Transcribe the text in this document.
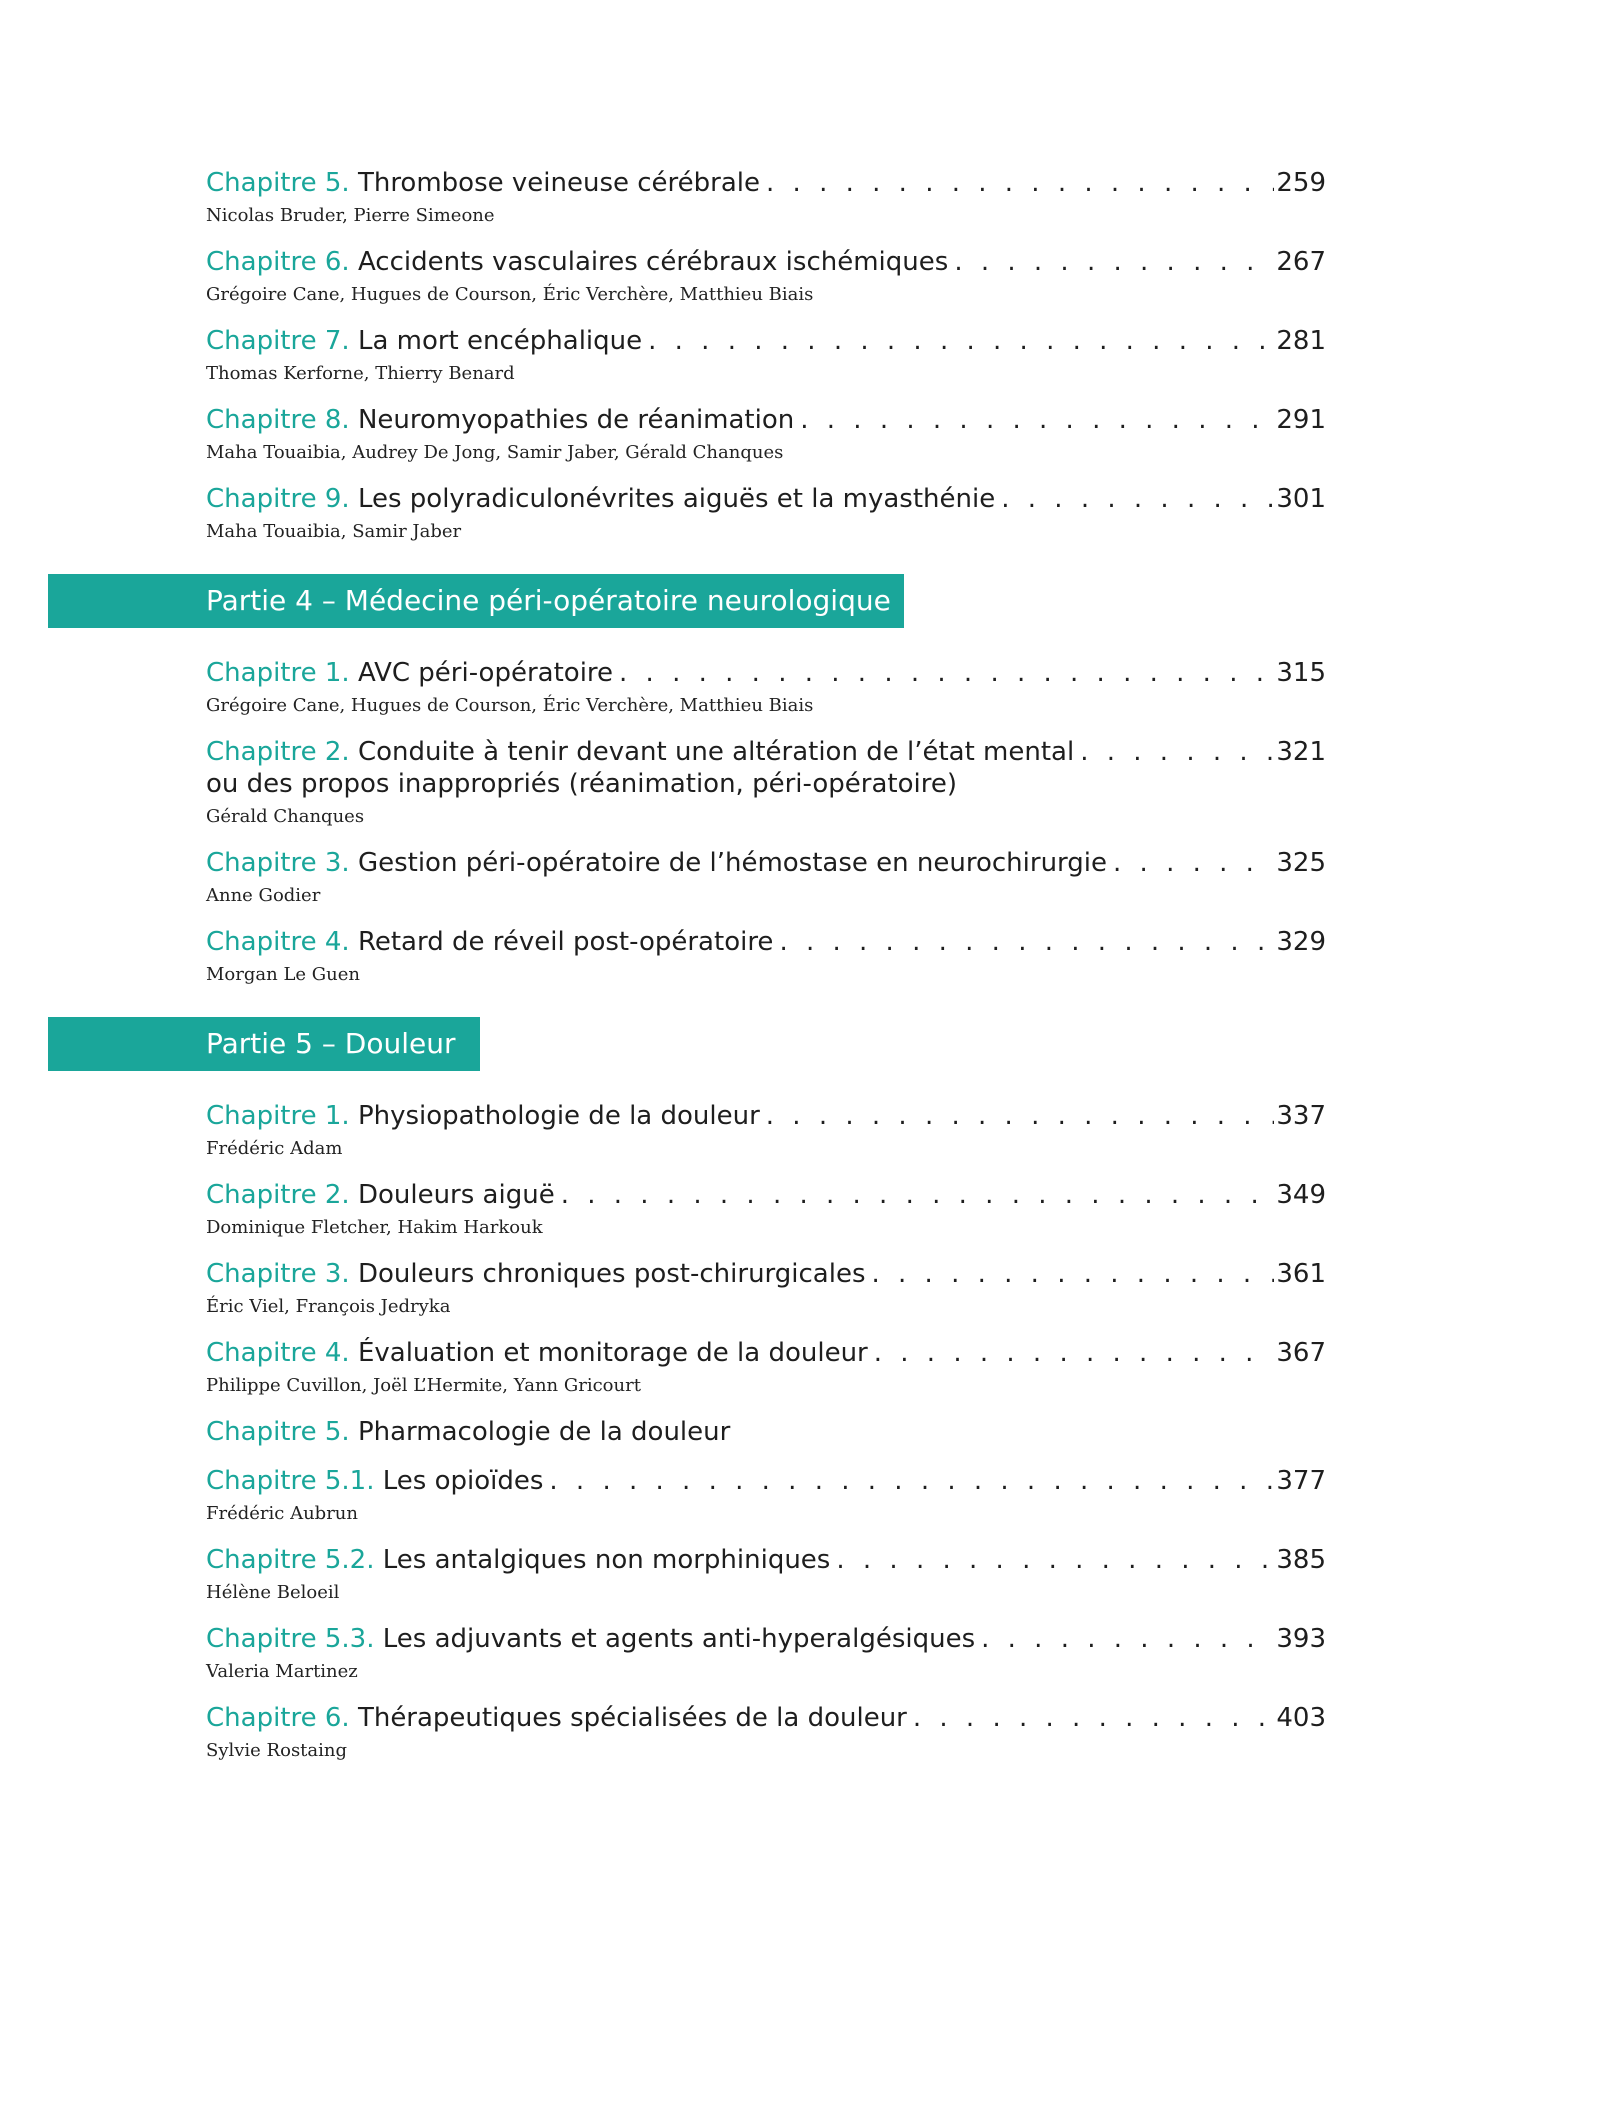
Chapitre 5.
Thrombose veineuse cérébrale . . .	259
Nicolas Bruder, Pierre Simeone
Chapitre 6.
Accidents vasculaires cérébraux ischémiques . . .	267
Grégoire Cane, Hugues de Courson, Éric Verchère, Matthieu Biais
Chapitre 7.
La mort encéphalique . . .	281
Thomas Kerforne, Thierry Benard
Chapitre 8.
Neuromyopathies de réanimation . . .	291
Maha Touaibia, Audrey De Jong, Samir Jaber, Gérald Chanques
Chapitre 9.
Les polyradiculonévrites aiguës et la myasthénie . . .	301
Maha Touaibia, Samir Jaber
Partie 4 – Médecine péri-opératoire neurologique
Chapitre 1.
AVC péri-opératoire . . .	315
Grégoire Cane, Hugues de Courson, Éric Verchère, Matthieu Biais
Chapitre 2.
Conduite à tenir devant une altération de l’état mental . . .	321
ou des propos inappropriés (réanimation, péri-opératoire)
Gérald Chanques
Chapitre 3.
Gestion péri-opératoire de l’hémostase en neurochirurgie . . .	325
Anne Godier
Chapitre 4.
Retard de réveil post-opératoire . . .	329
Morgan Le Guen
Partie 5 – Douleur
Chapitre 1.
Physiopathologie de la douleur . . .	337
Frédéric Adam
Chapitre 2.
Douleurs aiguë . . .	349
Dominique Fletcher, Hakim Harkouk
Chapitre 3.
Douleurs chroniques post-chirurgicales . . .	361
Éric Viel, François Jedryka
Chapitre 4.
Évaluation et monitorage de la douleur . . .	367
Philippe Cuvillon, Joël L’Hermite, Yann Gricourt
Chapitre 5.
Pharmacologie de la douleur
Chapitre 5.1.
Les opioïdes . . .	377
Frédéric Aubrun
Chapitre 5.2.
Les antalgiques non morphiniques . . .	385
Hélène Beloeil
Chapitre 5.3.
Les adjuvants et agents anti-hyperalgésiques . . .	393
Valeria Martinez
Chapitre 6.
Thérapeutiques spécialisées de la douleur . . .	403
Sylvie Rostaing
